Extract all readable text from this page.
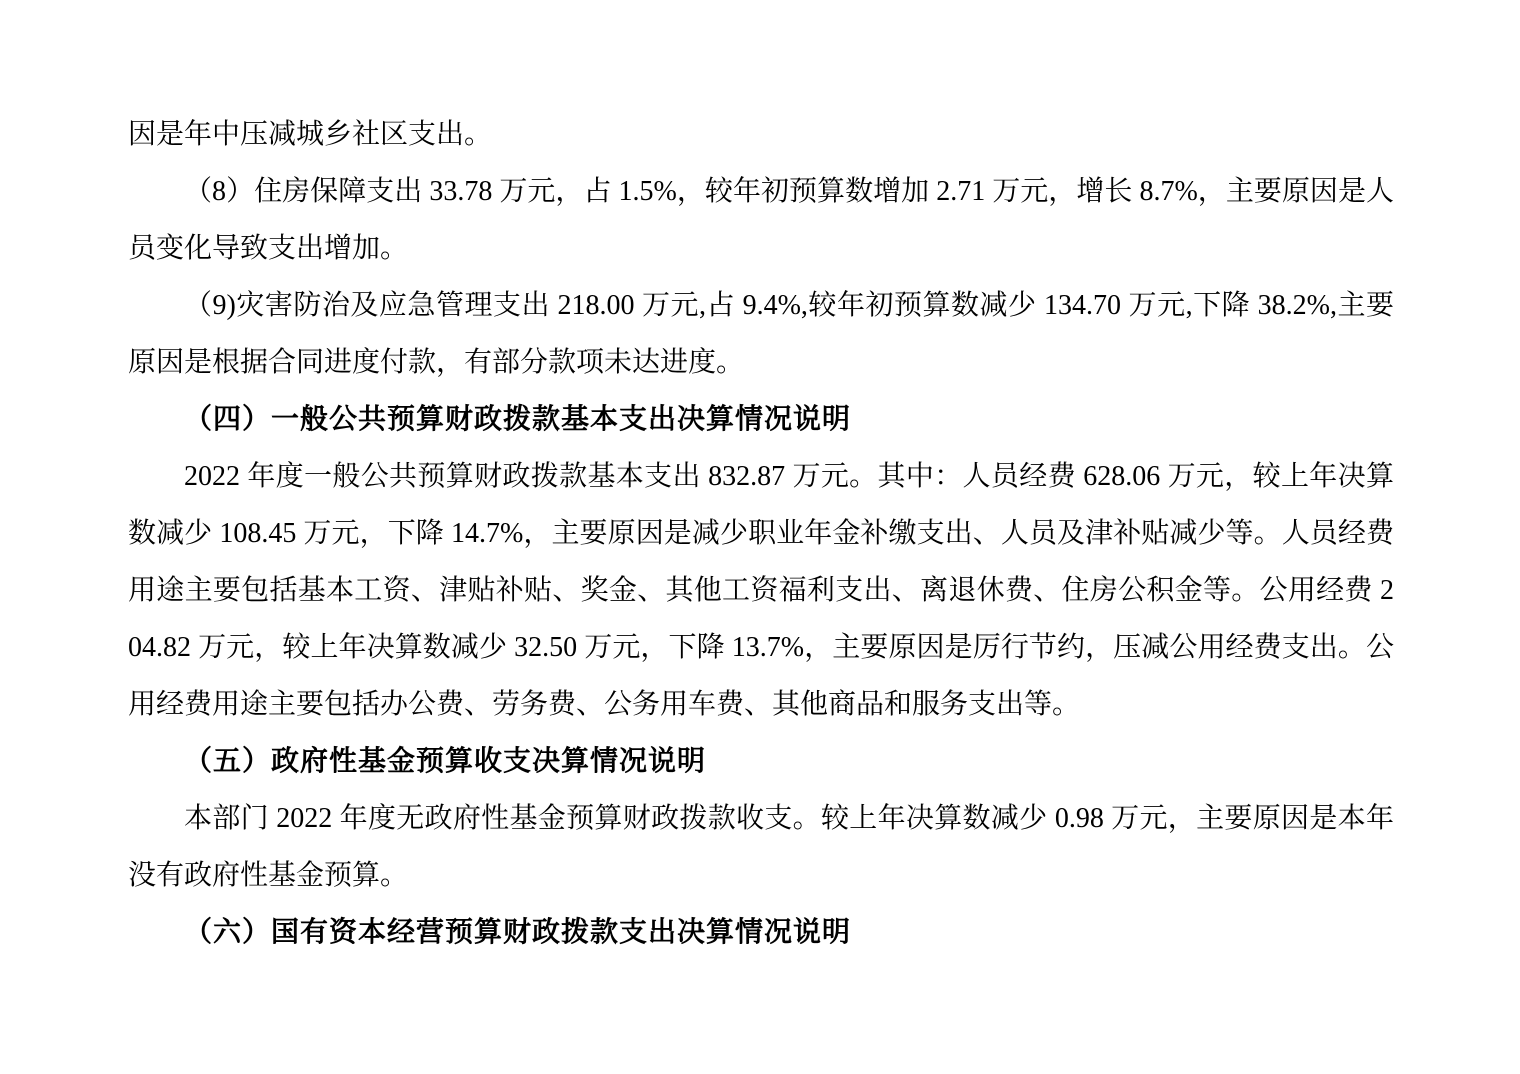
因是年中压减城乡社区支出。

（8）住房保障支出 33.78 万元，占 1.5%，较年初预算数增加 2.71 万元，增长 8.7%，主要原因是人员变化导致支出增加。

（9)灾害防治及应急管理支出 218.00 万元,占 9.4%,较年初预算数减少 134.70 万元,下降 38.2%,主要原因是根据合同进度付款，有部分款项未达进度。

（四）一般公共预算财政拨款基本支出决算情况说明

2022 年度一般公共预算财政拨款基本支出 832.87 万元。其中：人员经费 628.06 万元，较上年决算数减少 108.45 万元，下降 14.7%，主要原因是减少职业年金补缴支出、人员及津补贴减少等。人员经费用途主要包括基本工资、津贴补贴、奖金、其他工资福利支出、离退休费、住房公积金等。公用经费 204.82 万元，较上年决算数减少 32.50 万元，下降 13.7%，主要原因是厉行节约，压减公用经费支出。公用经费用途主要包括办公费、劳务费、公务用车费、其他商品和服务支出等。

（五）政府性基金预算收支决算情况说明

本部门 2022 年度无政府性基金预算财政拨款收支。较上年决算数减少 0.98 万元，主要原因是本年没有政府性基金预算。

（六）国有资本经营预算财政拨款支出决算情况说明
